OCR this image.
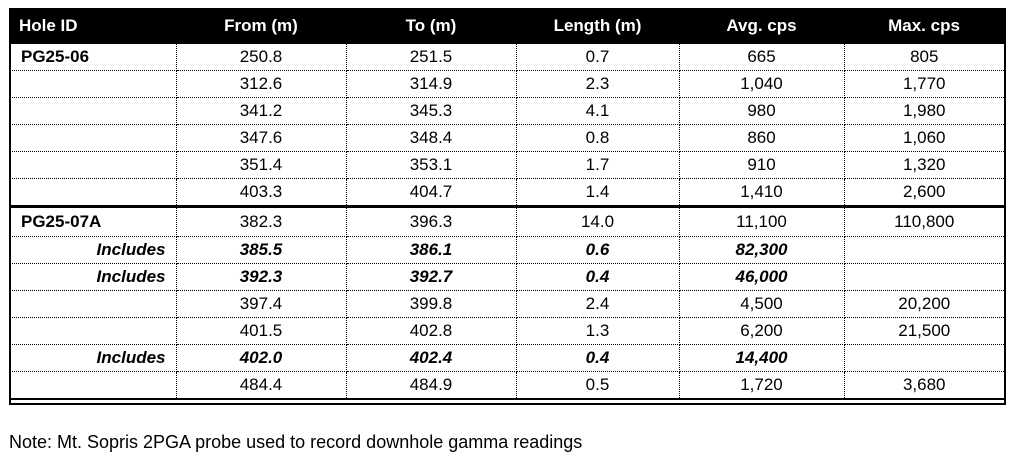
Hole ID	From (m)	To (m)	Length (m)	Avg. cps	Max. cps
PG25-06	250.8	251.5	0.7	665	805
	312.6	314.9	2.3	1,040	1,770
	341.2	345.3	4.1	980	1,980
	347.6	348.4	0.8	860	1,060
	351.4	353.1	1.7	910	1,320
	403.3	404.7	1.4	1,410	2,600
PG25-07A	382.3	396.3	14.0	11,100	110,800
Includes	385.5	386.1	0.6	82,300	
Includes	392.3	392.7	0.4	46,000	
	397.4	399.8	2.4	4,500	20,200
	401.5	402.8	1.3	6,200	21,500
Includes	402.0	402.4	0.4	14,400	
	484.4	484.9	0.5	1,720	3,680
Note: Mt. Sopris 2PGA probe used to record downhole gamma readings
